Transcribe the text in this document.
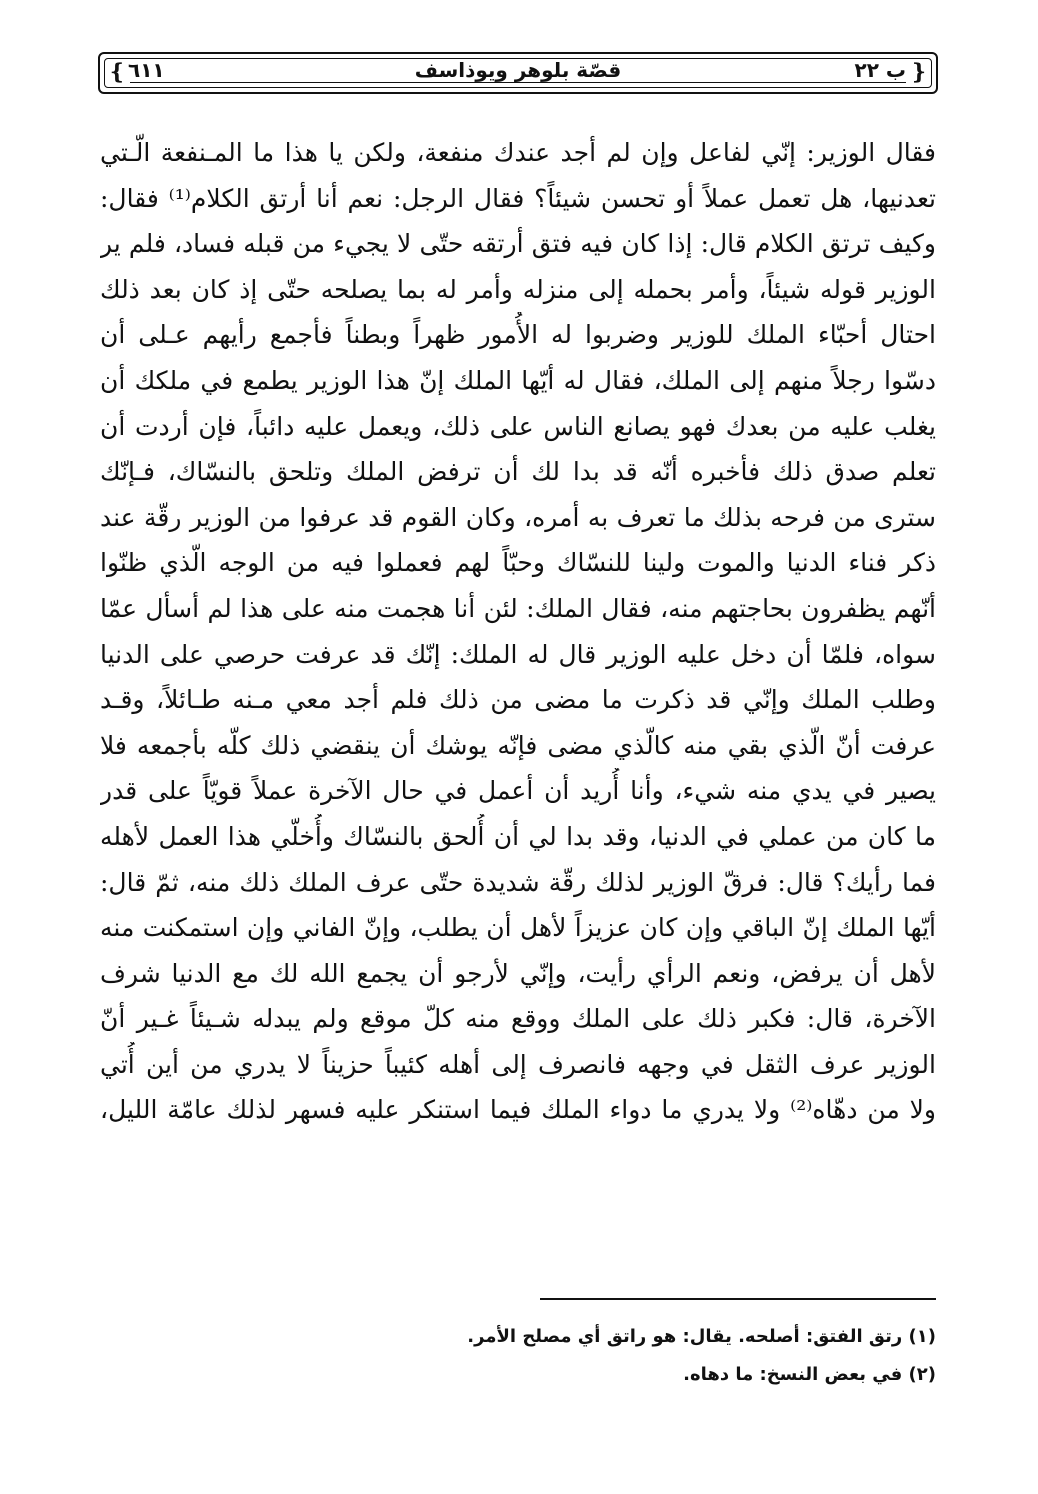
❴	❵
٦١١	قصّة بلوهر ويوذاسف	ب ٢٢
فقال الوزير: إنّي لفاعل وإن لم أجد عندك منفعة، ولكن يا هذا ما المـنفعة الّـتي
تعدنيها، هل تعمل عملاً أو تحسن شيئاً؟ فقال الرجل: نعم أنا أرتق الكلام⁽¹⁾ فقال:
وكيف ترتق الكلام قال: إذا كان فيه فتق أرتقه حتّى لا يجيء من قبله فساد، فلم ير
الوزير قوله شيئاً، وأمر بحمله إلى منزله وأمر له بما يصلحه حتّى إذ كان بعد ذلك
احتال أحبّاء الملك للوزير وضربوا له الأُمور ظهراً وبطناً فأجمع رأيهم عـلى أن
دسّوا رجلاً منهم إلى الملك، فقال له أيّها الملك إنّ هذا الوزير يطمع في ملكك أن
يغلب عليه من بعدك فهو يصانع الناس على ذلك، ويعمل عليه دائباً، فإن أردت أن
تعلم صدق ذلك فأخبره أنّه قد بدا لك أن ترفض الملك وتلحق بالنسّاك، فـإنّك
سترى من فرحه بذلك ما تعرف به أمره، وكان القوم قد عرفوا من الوزير رقّة عند
ذكر فناء الدنيا والموت ولينا للنسّاك وحبّاً لهم فعملوا فيه من الوجه الّذي ظنّوا
أنّهم يظفرون بحاجتهم منه، فقال الملك: لئن أنا هجمت منه على هذا لم أسأل عمّا
سواه، فلمّا أن دخل عليه الوزير قال له الملك: إنّك قد عرفت حرصي على الدنيا
وطلب الملك وإنّي قد ذكرت ما مضى من ذلك فلم أجد معي مـنه طـائلاً، وقـد
عرفت أنّ الّذي بقي منه كالّذي مضى فإنّه يوشك أن ينقضي ذلك كلّه بأجمعه فلا
يصير في يدي منه شيء، وأنا أُريد أن أعمل في حال الآخرة عملاً قويّاً على قدر
ما كان من عملي في الدنيا، وقد بدا لي أن أُلحق بالنسّاك وأُخلّي هذا العمل لأهله
فما رأيك؟ قال: فرقّ الوزير لذلك رقّة شديدة حتّى عرف الملك ذلك منه، ثمّ قال:
أيّها الملك إنّ الباقي وإن كان عزيزاً لأهل أن يطلب، وإنّ الفاني وإن استمكنت منه
لأهل أن يرفض، ونعم الرأي رأيت، وإنّي لأرجو أن يجمع الله لك مع الدنيا شرف
الآخرة، قال: فكبر ذلك على الملك ووقع منه كلّ موقع ولم يبدله شـيئاً غـير أنّ
الوزير عرف الثقل في وجهه فانصرف إلى أهله كئيباً حزيناً لا يدري من أين أُتي
ولا من دهّاه⁽²⁾ ولا يدري ما دواء الملك فيما استنكر عليه فسهر لذلك عامّة الليل،
(١) رتق الفتق: أصلحه. يقال: هو راتق أي مصلح الأمر.
(٢) في بعض النسخ: ما دهاه.
